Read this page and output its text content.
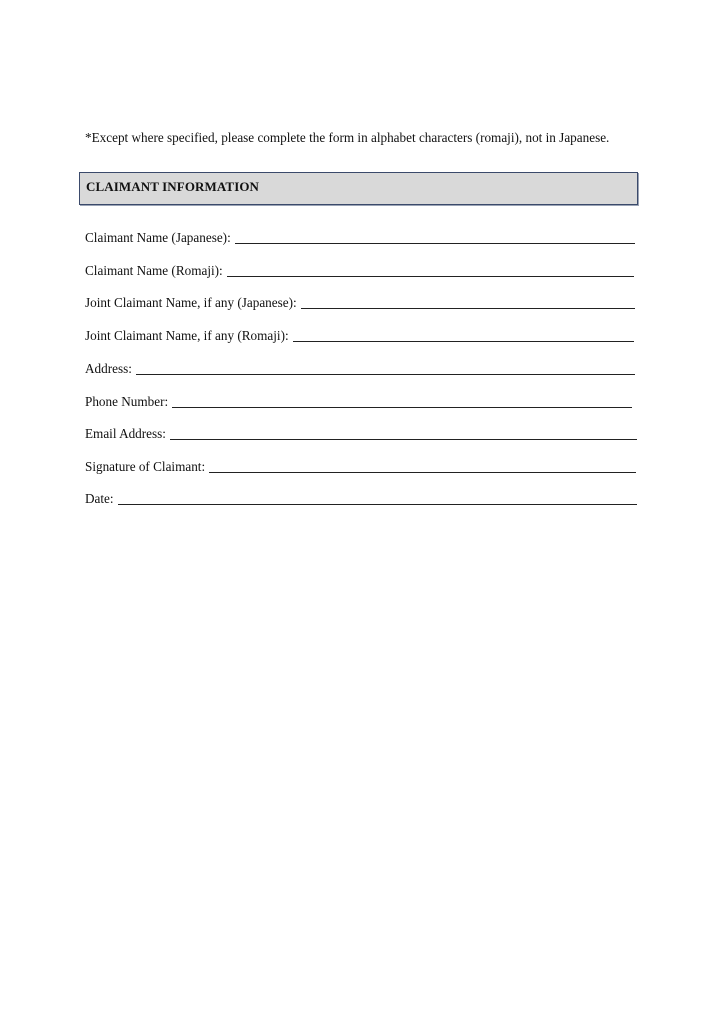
*Except where specified, please complete the form in alphabet characters (romaji), not in Japanese.
CLAIMANT INFORMATION
Claimant Name (Japanese):
Claimant Name (Romaji):
Joint Claimant Name, if any (Japanese):
Joint Claimant Name, if any (Romaji):
Address:
Phone Number:
Email Address:
Signature of Claimant:
Date:
